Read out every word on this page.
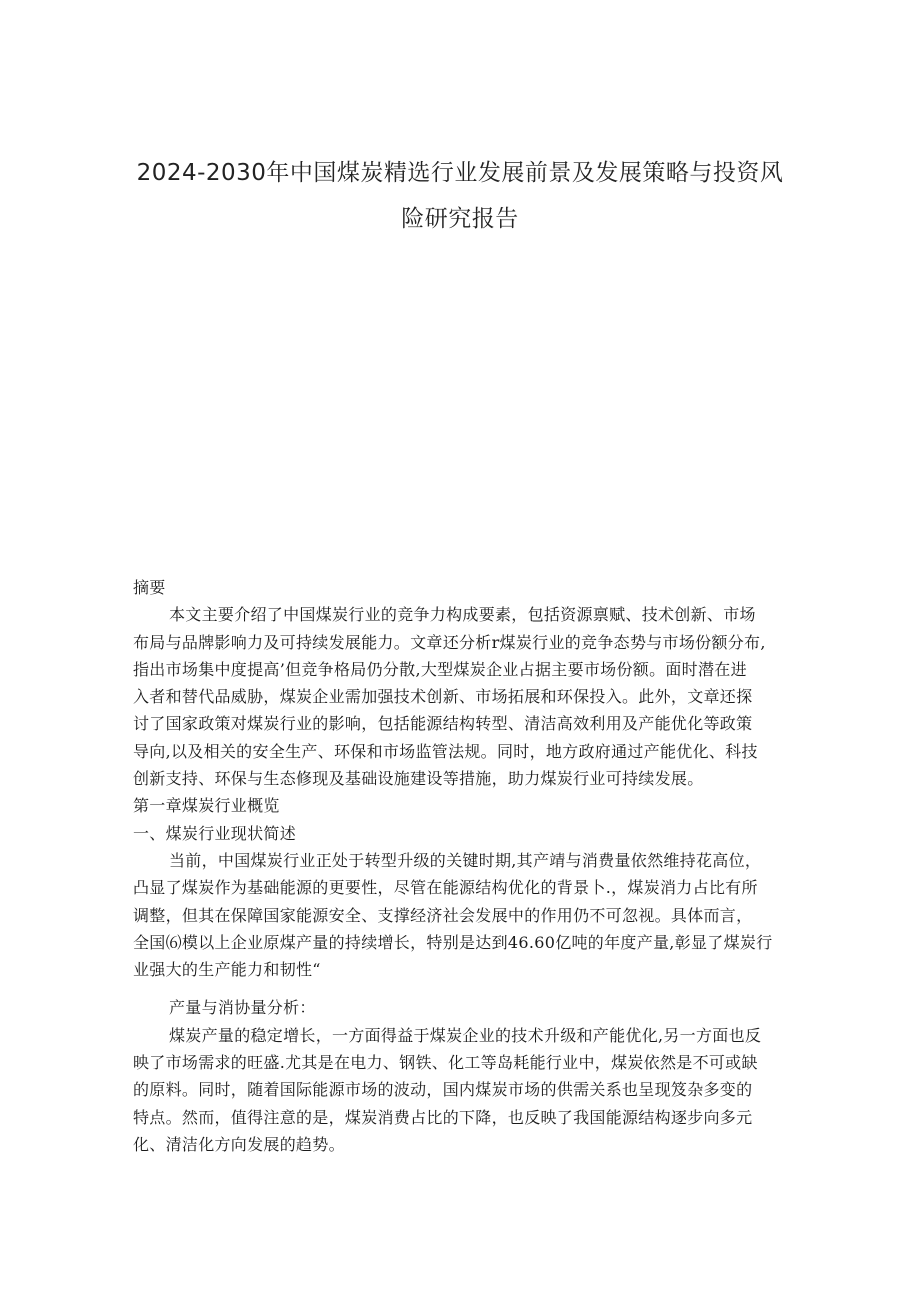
2024-2030年中国煤炭精选行业发展前景及发展策略与投资风
险研究报告
摘要
本文主要介绍了中国煤炭行业的竞争力构成要素，包括资源禀赋、技术创新、市场
布局与品牌影响力及可持续发展能力。文章还分析r煤炭行业的竞争态势与市场份额分布,
指出市场集中度提高’但竞争格局仍分散,大型煤炭企业占据主要市场份额。面时潜在进
入者和替代品威胁，煤炭企业需加强技术创新、市场拓展和环保投入。此外，文章还探
讨了国家政策对煤炭行业的影响，包括能源结构转型、清洁高效利用及产能优化等政策
导向,以及相关的安全生产、环保和市场监管法规。同时，地方政府通过产能优化、科技
创新支持、环保与生态修现及基础设施建设等措施，助力煤炭行业可持续发展。
第一章煤炭行业概览
一、煤炭行业现状简述
当前，中国煤炭行业正处于转型升级的关键时期,其产靖与消费量依然维持花高位，
凸显了煤炭作为基础能源的更要性，尽管在能源结构优化的背景卜.，煤炭消力占比有所
调整，但其在保障国家能源安全、支撑经济社会发展中的作用仍不可忽视。具体而言，
全国⑹模以上企业原煤产量的持续增长，特别是达到46.60亿吨的年度产量,彰显了煤炭行
业强大的生产能力和韧性“
产量与消协量分析：
煤炭产量的稳定增长，一方面得益于煤炭企业的技术升级和产能优化,另一方面也反
映了市场需求的旺盛.尤其是在电力、钢铁、化工等岛耗能行业中，煤炭依然是不可或缺
的原料。同时，随着国际能源市场的波动，国内煤炭市场的供需关系也呈现笈杂多变的
特点。然而，值得注意的是，煤炭消费占比的下降，也反映了我国能源结构逐步向多元
化、清洁化方向发展的趋势。
